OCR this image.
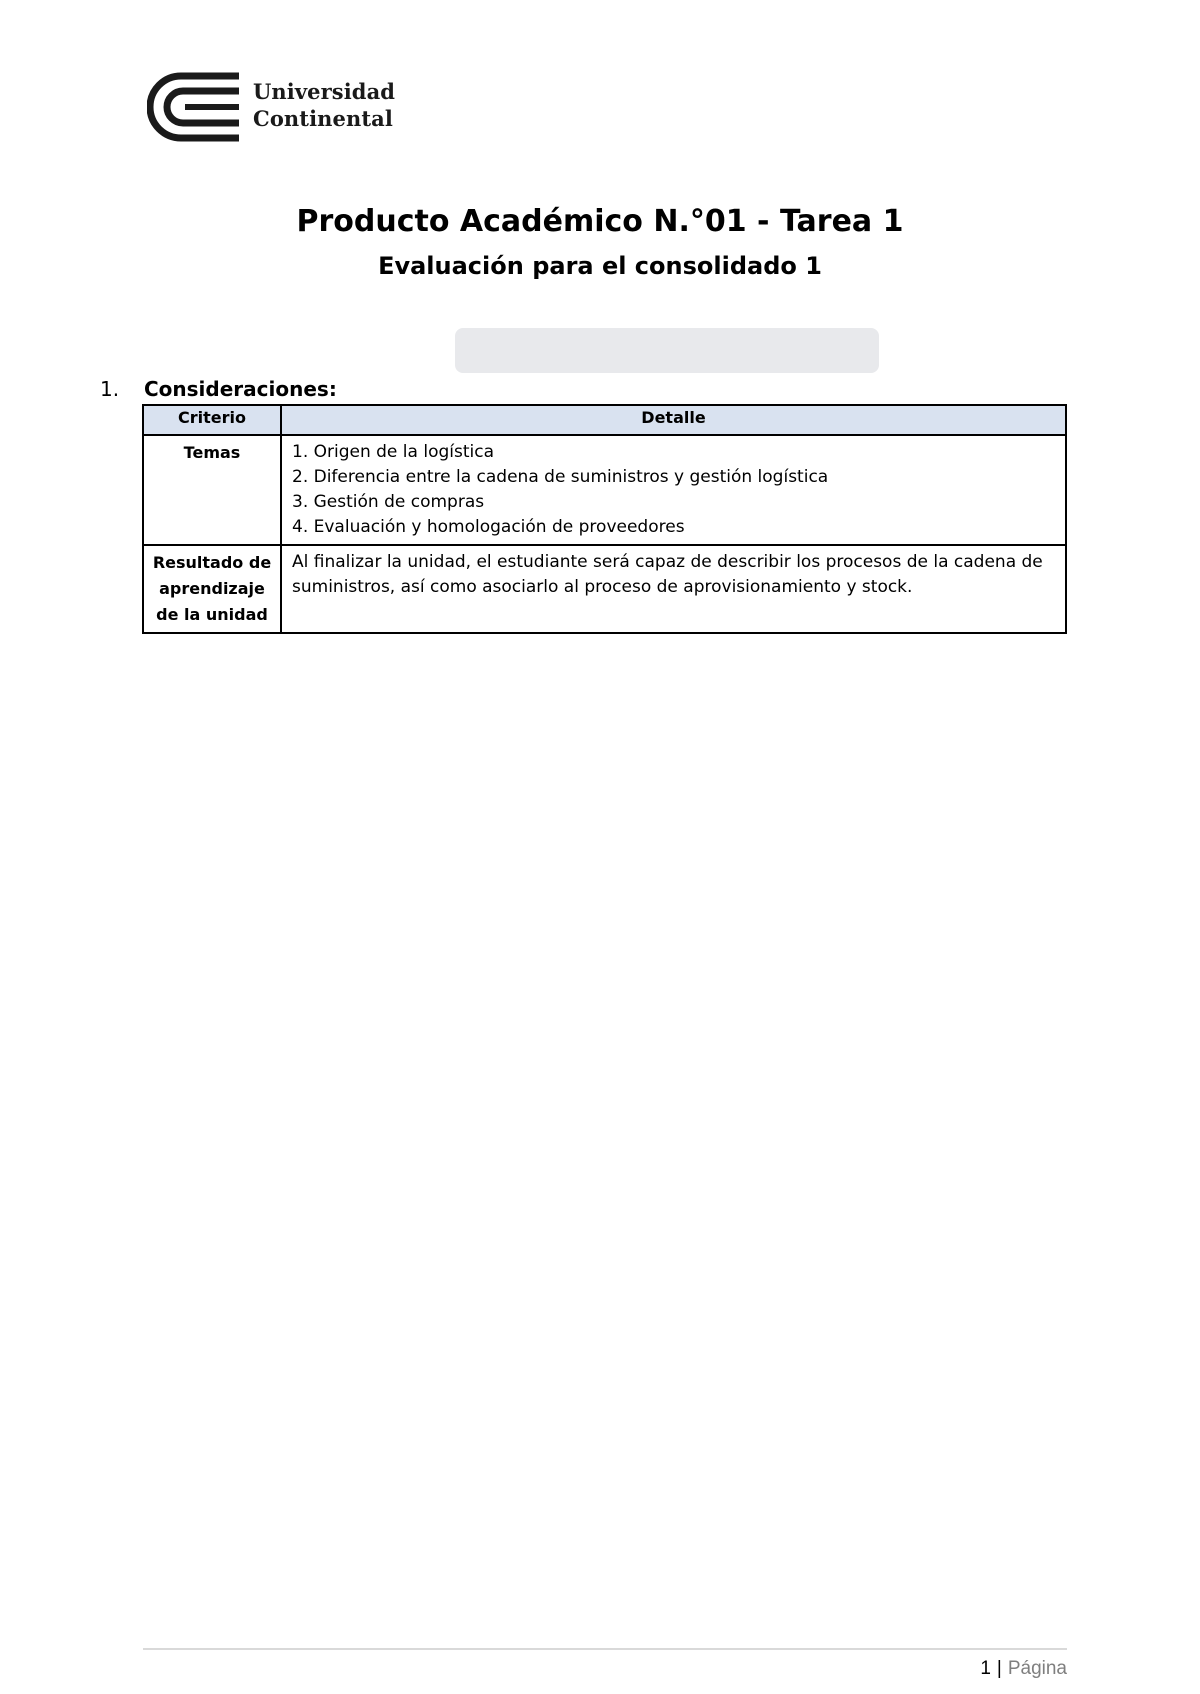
Universidad
Continental
Producto Académico N.°01 - Tarea 1
Evaluación para el consolidado 1
1. Consideraciones:
Criterio	Detalle
Temas	1. Origen de la logística
2. Diferencia entre la cadena de suministros y gestión logística
3. Gestión de compras
4. Evaluación y homologación de proveedores

Resultado de aprendizaje de la unidad	Al finalizar la unidad, el estudiante será capaz de describir los procesos de la cadena de suministros, así como asociarlo al proceso de aprovisionamiento y stock.
1 | Página
